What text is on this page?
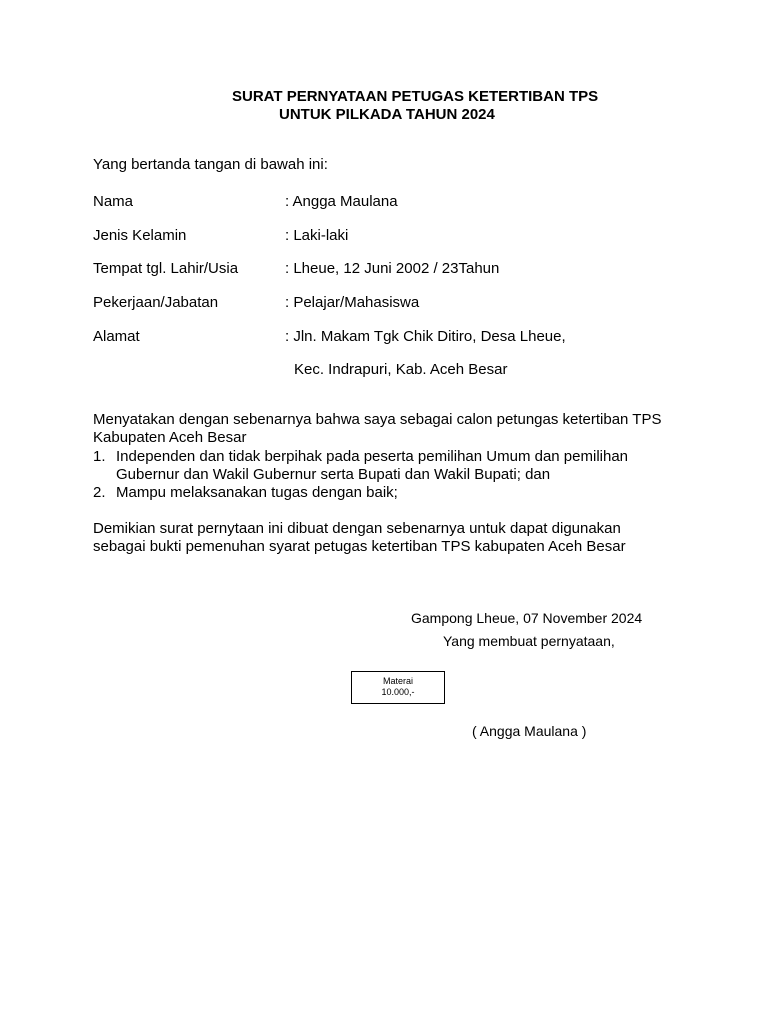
SURAT PERNYATAAN PETUGAS KETERTIBAN TPS
UNTUK PILKADA TAHUN 2024
Yang bertanda tangan di bawah ini:
Nama	: Angga Maulana
Jenis Kelamin	: Laki-laki
Tempat tgl. Lahir/Usia	: Lheue, 12 Juni 2002 / 23Tahun
Pekerjaan/Jabatan	: Pelajar/Mahasiswa
Alamat	: Jln. Makam Tgk Chik Ditiro, Desa Lheue,
Kec. Indrapuri, Kab. Aceh Besar
Menyatakan dengan sebenarnya bahwa saya sebagai calon petungas ketertiban TPS Kabupaten Aceh Besar
1. Independen dan tidak berpihak pada peserta pemilihan Umum dan pemilihan Gubernur dan Wakil Gubernur serta Bupati dan Wakil Bupati; dan
2. Mampu melaksanakan tugas dengan baik;
Demikian surat pernytaan ini dibuat dengan sebenarnya untuk dapat digunakan sebagai bukti pemenuhan syarat petugas ketertiban TPS kabupaten Aceh Besar
Gampong Lheue, 07 November 2024
Yang membuat pernyataan,
Materai
10.000,-
( Angga Maulana )
